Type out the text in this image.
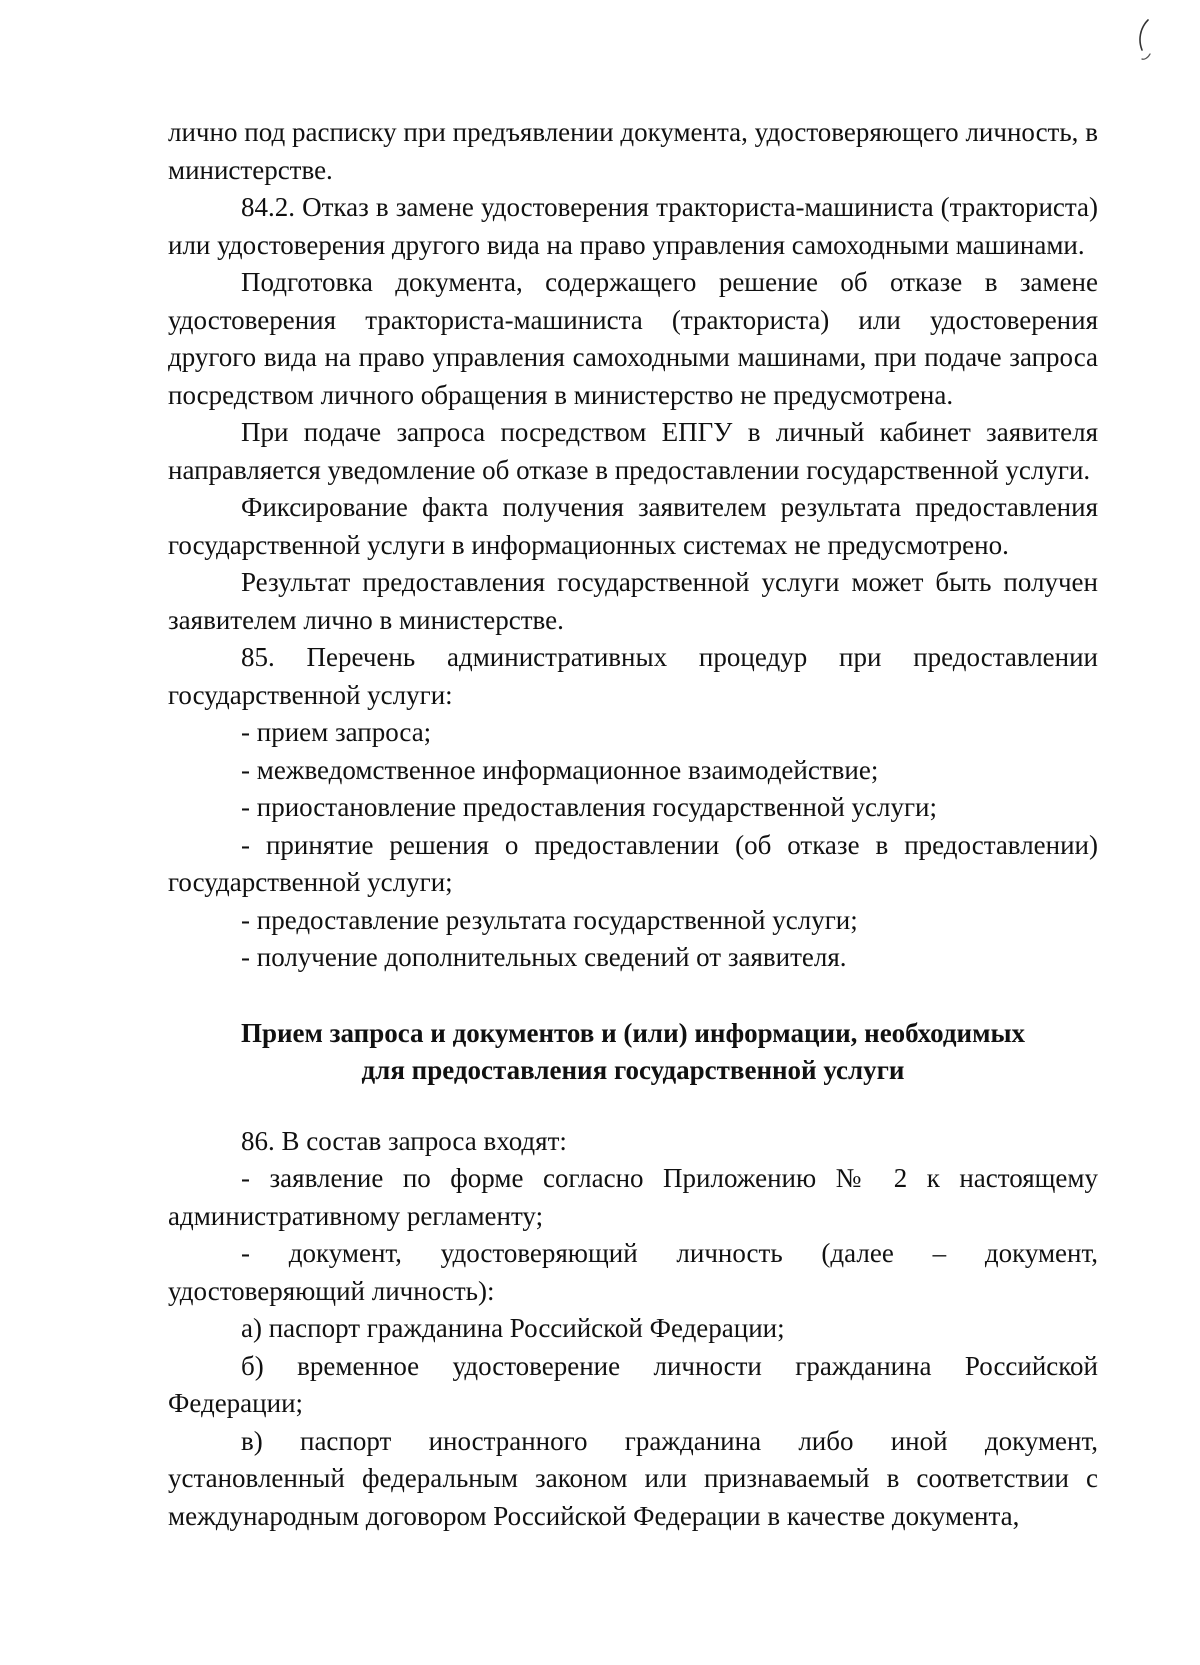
лично под расписку при предъявлении документа, удостоверяющего личность, в министерстве.

84.2. Отказ в замене удостоверения тракториста-машиниста (тракториста) или удостоверения другого вида на право управления самоходными машинами.

Подготовка документа, содержащего решение об отказе в замене удостоверения тракториста-машиниста (тракториста) или удостоверения другого вида на право управления самоходными машинами, при подаче запроса посредством личного обращения в министерство не предусмотрена.

При подаче запроса посредством ЕПГУ в личный кабинет заявителя направляется уведомление об отказе в предоставлении государственной услуги.

Фиксирование факта получения заявителем результата предоставления государственной услуги в информационных системах не предусмотрено.

Результат предоставления государственной услуги может быть получен заявителем лично в министерстве.

85. Перечень административных процедур при предоставлении государственной услуги:

- прием запроса;

- межведомственное информационное взаимодействие;

- приостановление предоставления государственной услуги;

- принятие решения о предоставлении (об отказе в предоставлении) государственной услуги;

- предоставление результата государственной услуги;

- получение дополнительных сведений от заявителя.

Прием запроса и документов и (или) информации, необходимых
для предоставления государственной услуги

86. В состав запроса входят:

- заявление по форме согласно Приложению № 2 к настоящему административному регламенту;

- документ, удостоверяющий личность (далее – документ, удостоверяющий личность):

а) паспорт гражданина Российской Федерации;

б) временное удостоверение личности гражданина Российской Федерации;

в) паспорт иностранного гражданина либо иной документ, установленный федеральным законом или признаваемый в соответствии с международным договором Российской Федерации в качестве документа,
